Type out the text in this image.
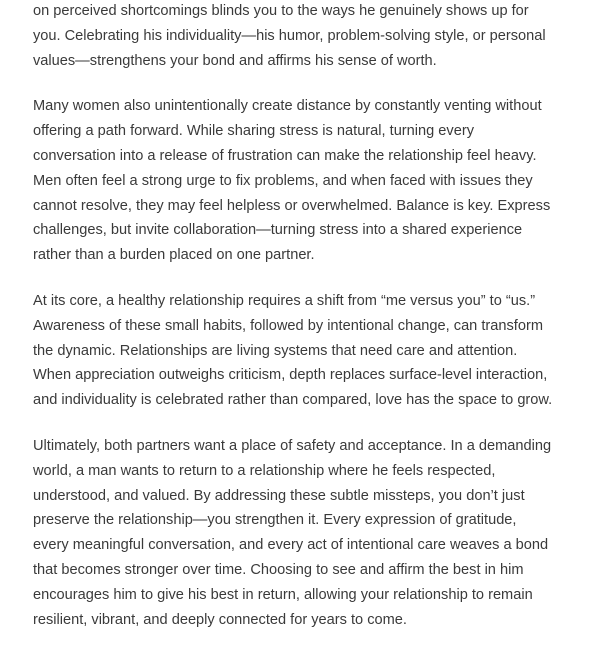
on perceived shortcomings blinds you to the ways he genuinely shows up for
you. Celebrating his individuality—his humor, problem-solving style, or personal
values—strengthens your bond and affirms his sense of worth.
Many women also unintentionally create distance by constantly venting without
offering a path forward. While sharing stress is natural, turning every
conversation into a release of frustration can make the relationship feel heavy.
Men often feel a strong urge to fix problems, and when faced with issues they
cannot resolve, they may feel helpless or overwhelmed. Balance is key. Express
challenges, but invite collaboration—turning stress into a shared experience
rather than a burden placed on one partner.
At its core, a healthy relationship requires a shift from “me versus you” to “us.”
Awareness of these small habits, followed by intentional change, can transform
the dynamic. Relationships are living systems that need care and attention.
When appreciation outweighs criticism, depth replaces surface-level interaction,
and individuality is celebrated rather than compared, love has the space to grow.
Ultimately, both partners want a place of safety and acceptance. In a demanding
world, a man wants to return to a relationship where he feels respected,
understood, and valued. By addressing these subtle missteps, you don’t just
preserve the relationship—you strengthen it. Every expression of gratitude,
every meaningful conversation, and every act of intentional care weaves a bond
that becomes stronger over time. Choosing to see and affirm the best in him
encourages him to give his best in return, allowing your relationship to remain
resilient, vibrant, and deeply connected for years to come.
